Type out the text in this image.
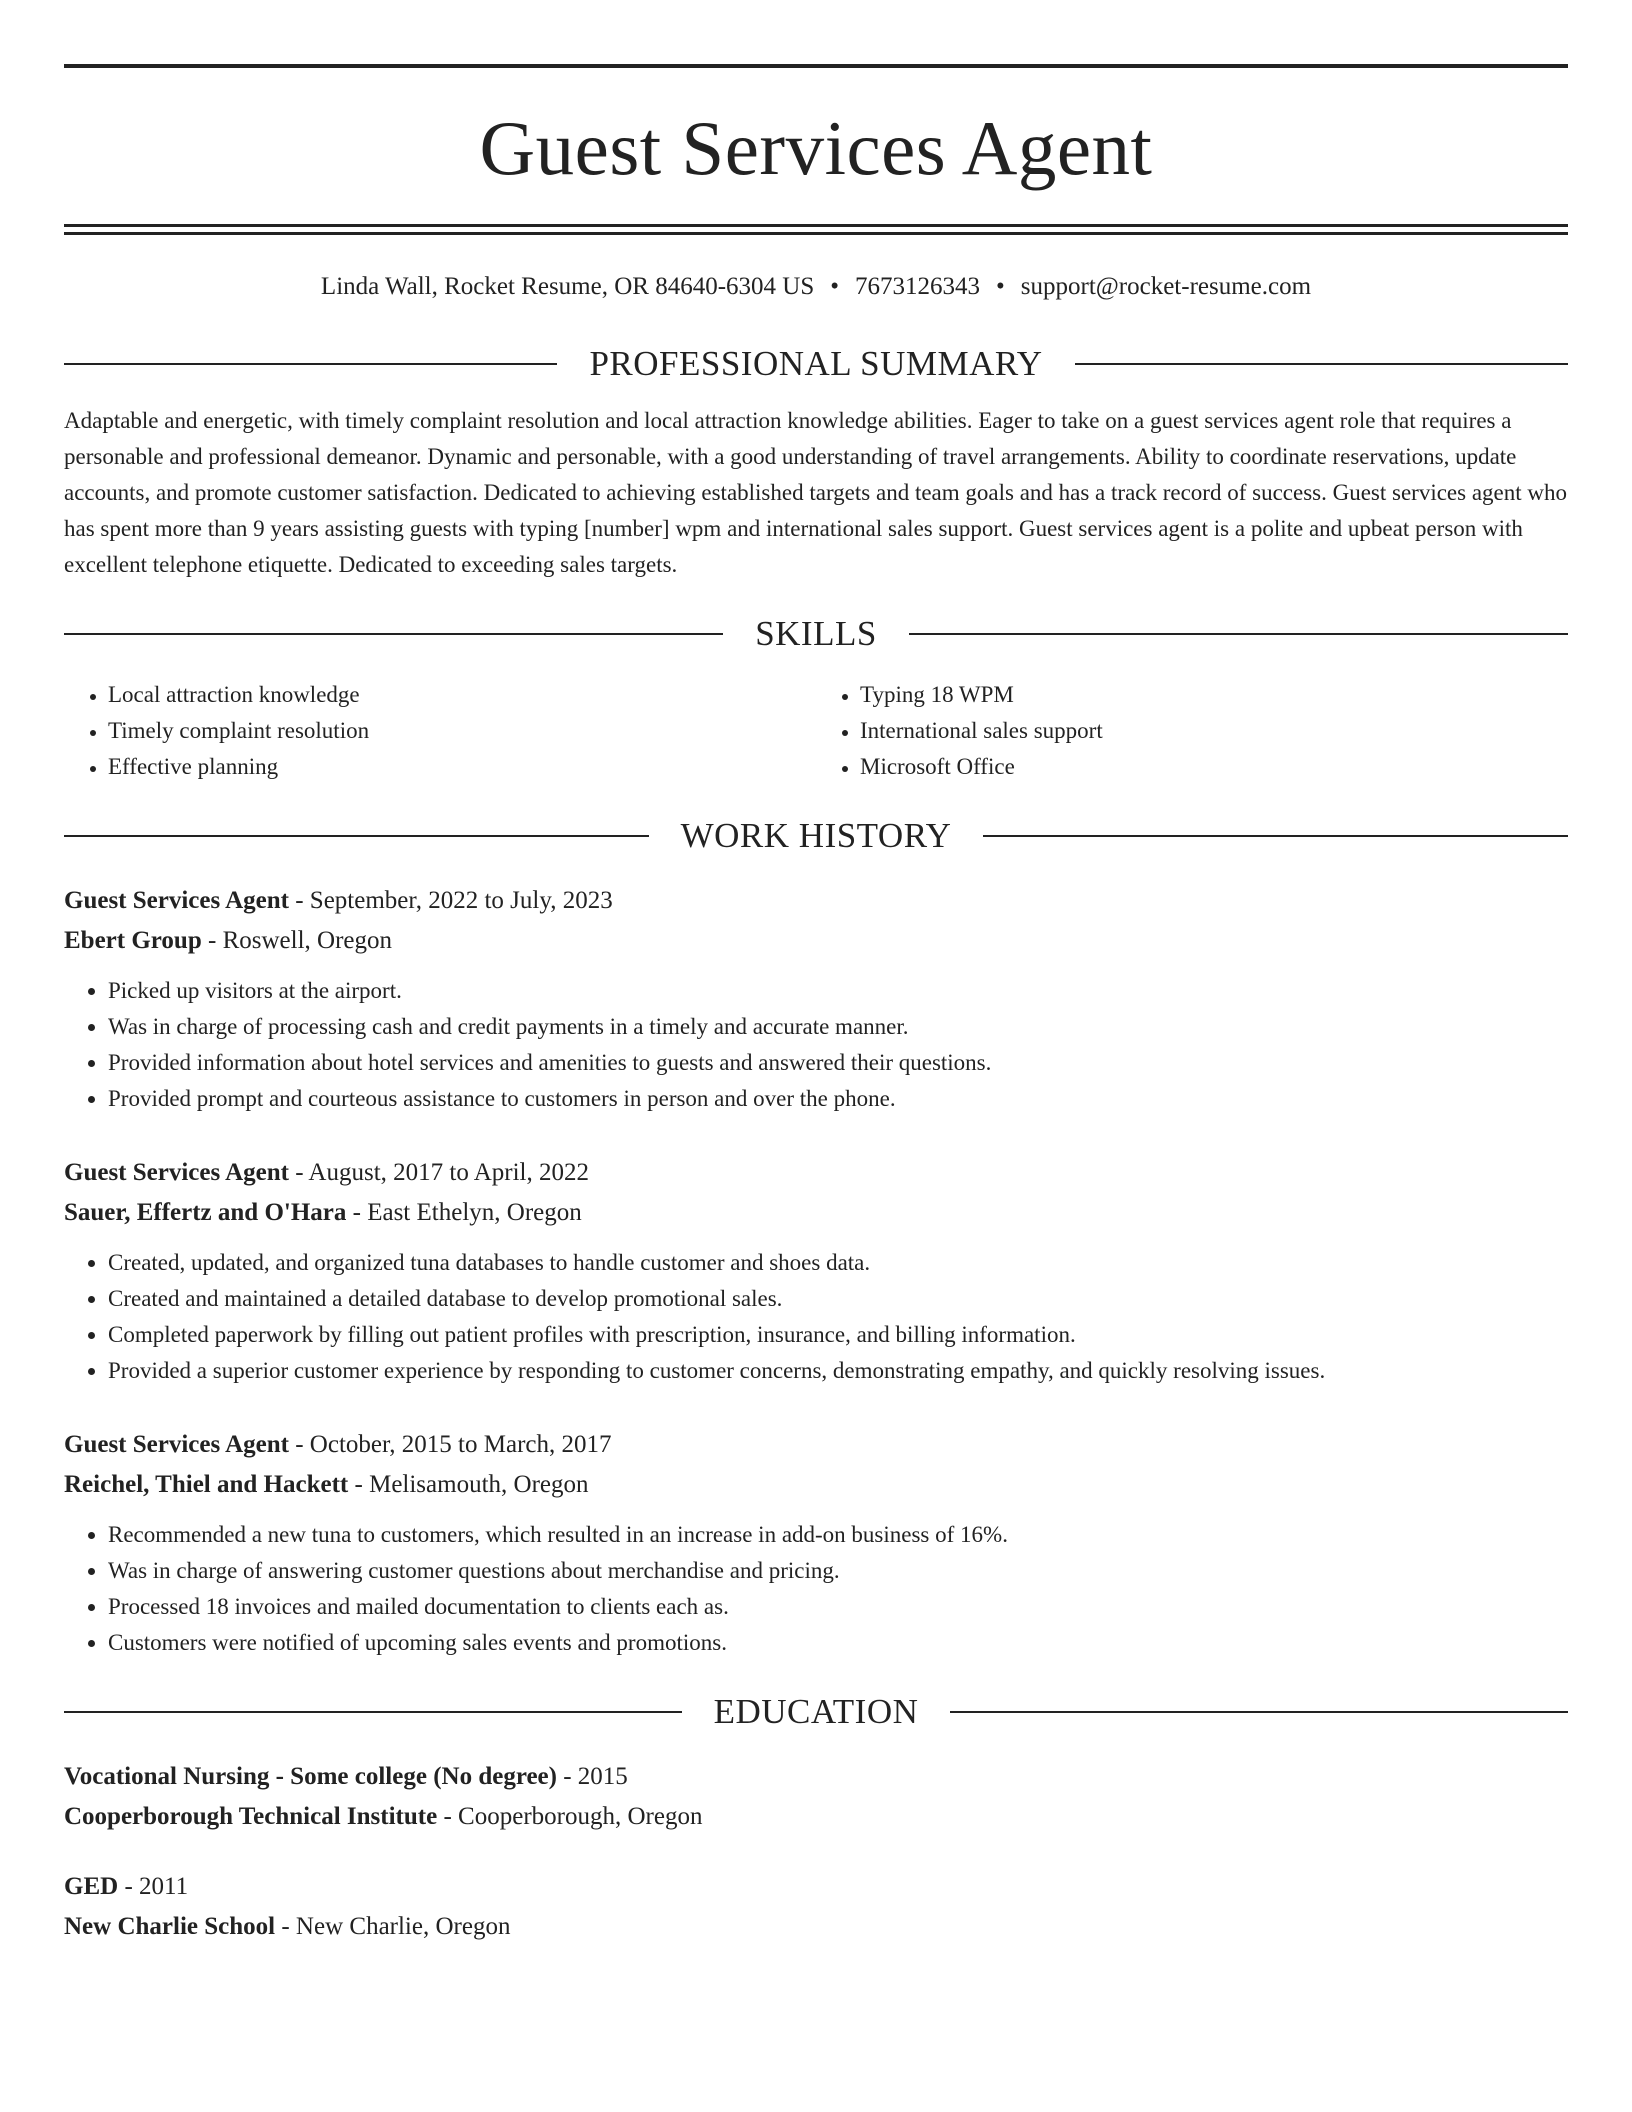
Guest Services Agent
Linda Wall, Rocket Resume, OR 84640-6304 US • 7673126343 • support@rocket-resume.com
PROFESSIONAL SUMMARY
Adaptable and energetic, with timely complaint resolution and local attraction knowledge abilities. Eager to take on a guest services agent role that requires a personable and professional demeanor. Dynamic and personable, with a good understanding of travel arrangements. Ability to coordinate reservations, update accounts, and promote customer satisfaction. Dedicated to achieving established targets and team goals and has a track record of success. Guest services agent who has spent more than 9 years assisting guests with typing [number] wpm and international sales support. Guest services agent is a polite and upbeat person with excellent telephone etiquette. Dedicated to exceeding sales targets.
SKILLS
• Local attraction knowledge
• Timely complaint resolution
• Effective planning
• Typing 18 WPM
• International sales support
• Microsoft Office
WORK HISTORY
Guest Services Agent - September, 2022 to July, 2023
Ebert Group - Roswell, Oregon
• Picked up visitors at the airport.
• Was in charge of processing cash and credit payments in a timely and accurate manner.
• Provided information about hotel services and amenities to guests and answered their questions.
• Provided prompt and courteous assistance to customers in person and over the phone.
Guest Services Agent - August, 2017 to April, 2022
Sauer, Effertz and O'Hara - East Ethelyn, Oregon
• Created, updated, and organized tuna databases to handle customer and shoes data.
• Created and maintained a detailed database to develop promotional sales.
• Completed paperwork by filling out patient profiles with prescription, insurance, and billing information.
• Provided a superior customer experience by responding to customer concerns, demonstrating empathy, and quickly resolving issues.
Guest Services Agent - October, 2015 to March, 2017
Reichel, Thiel and Hackett - Melisamouth, Oregon
• Recommended a new tuna to customers, which resulted in an increase in add-on business of 16%.
• Was in charge of answering customer questions about merchandise and pricing.
• Processed 18 invoices and mailed documentation to clients each as.
• Customers were notified of upcoming sales events and promotions.
EDUCATION
Vocational Nursing - Some college (No degree) - 2015
Cooperborough Technical Institute - Cooperborough, Oregon
GED - 2011
New Charlie School - New Charlie, Oregon
